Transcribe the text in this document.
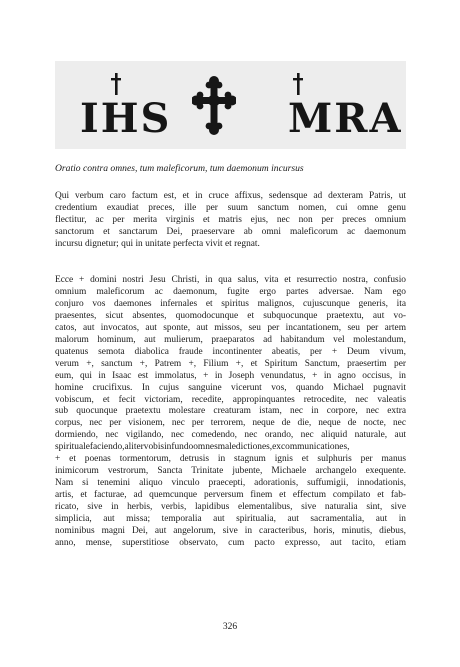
IHS	MRA
Oratio contra omnes, tum maleficorum, tum daemonum incursus

Qui verbum caro factum est, et in cruce affixus, sedensque ad dexteram Patris, ut
credentium exaudiat preces, ille per suum sanctum nomen, cui omne genu
flectitur, ac per merita virginis et matris ejus, nec non per preces omnium
sanctorum et sanctarum Dei, praeservare ab omni maleficorum ac daemonum
incursu dignetur; qui in unitate perfecta vivit et regnat.

Ecce + domini nostri Jesu Christi, in qua salus, vita et resurrectio nostra, confusio
omnium maleficorum ac daemonum, fugite ergo partes adversae. Nam ego
conjuro vos daemones infernales et spiritus malignos, cujuscunque generis, ita
praesentes, sicut absentes, quomodocunque et subquocunque praetextu, aut vo-
catos, aut invocatos, aut sponte, aut missos, seu per incantationem, seu per artem
malorum hominum, aut mulierum, praeparatos ad habitandum vel molestandum,
quatenus semota diabolica fraude incontinenter abeatis, per + Deum vivum,
verum +, sanctum +, Patrem +, Filium +, et Spiritum Sanctum, praesertim per
eum, qui in Isaac est immolatus, + in Joseph venundatus, + in agno occisus, in
homine crucifixus. In cujus sanguine vicerunt vos, quando Michael pugnavit
vobiscum, et fecit victoriam, recedite, appropinquantes retrocedite, nec valeatis
sub quocunque praetextu molestare creaturam istam, nec in corpore, nec extra
corpus, nec per visionem, nec per terrorem, neque de die, neque de nocte, nec
dormiendo, nec vigilando, nec comedendo, nec orando, nec aliquid naturale, aut
spiritualefaciendo,alitervobisinfundoomnesmaledictiones,excommunicationes,
+ et poenas tormentorum, detrusis in stagnum ignis et sulphuris per manus
inimicorum vestrorum, Sancta Trinitate jubente, Michaele archangelo exequente.
Nam si tenemini aliquo vinculo praecepti, adorationis, suffumigii, innodationis,
artis, et facturae, ad quemcunque perversum finem et effectum compilato et fab-
ricato, sive in herbis, verbis, lapidibus elementalibus, sive naturalia sint, sive
simplicia, aut missa; temporalia aut spiritualia, aut sacramentalia, aut in
nominibus magni Dei, aut angelorum, sive in caracteribus, horis, minutis, diebus,
anno, mense, superstitiose observato, cum pacto expresso, aut tacito, etiam

326
